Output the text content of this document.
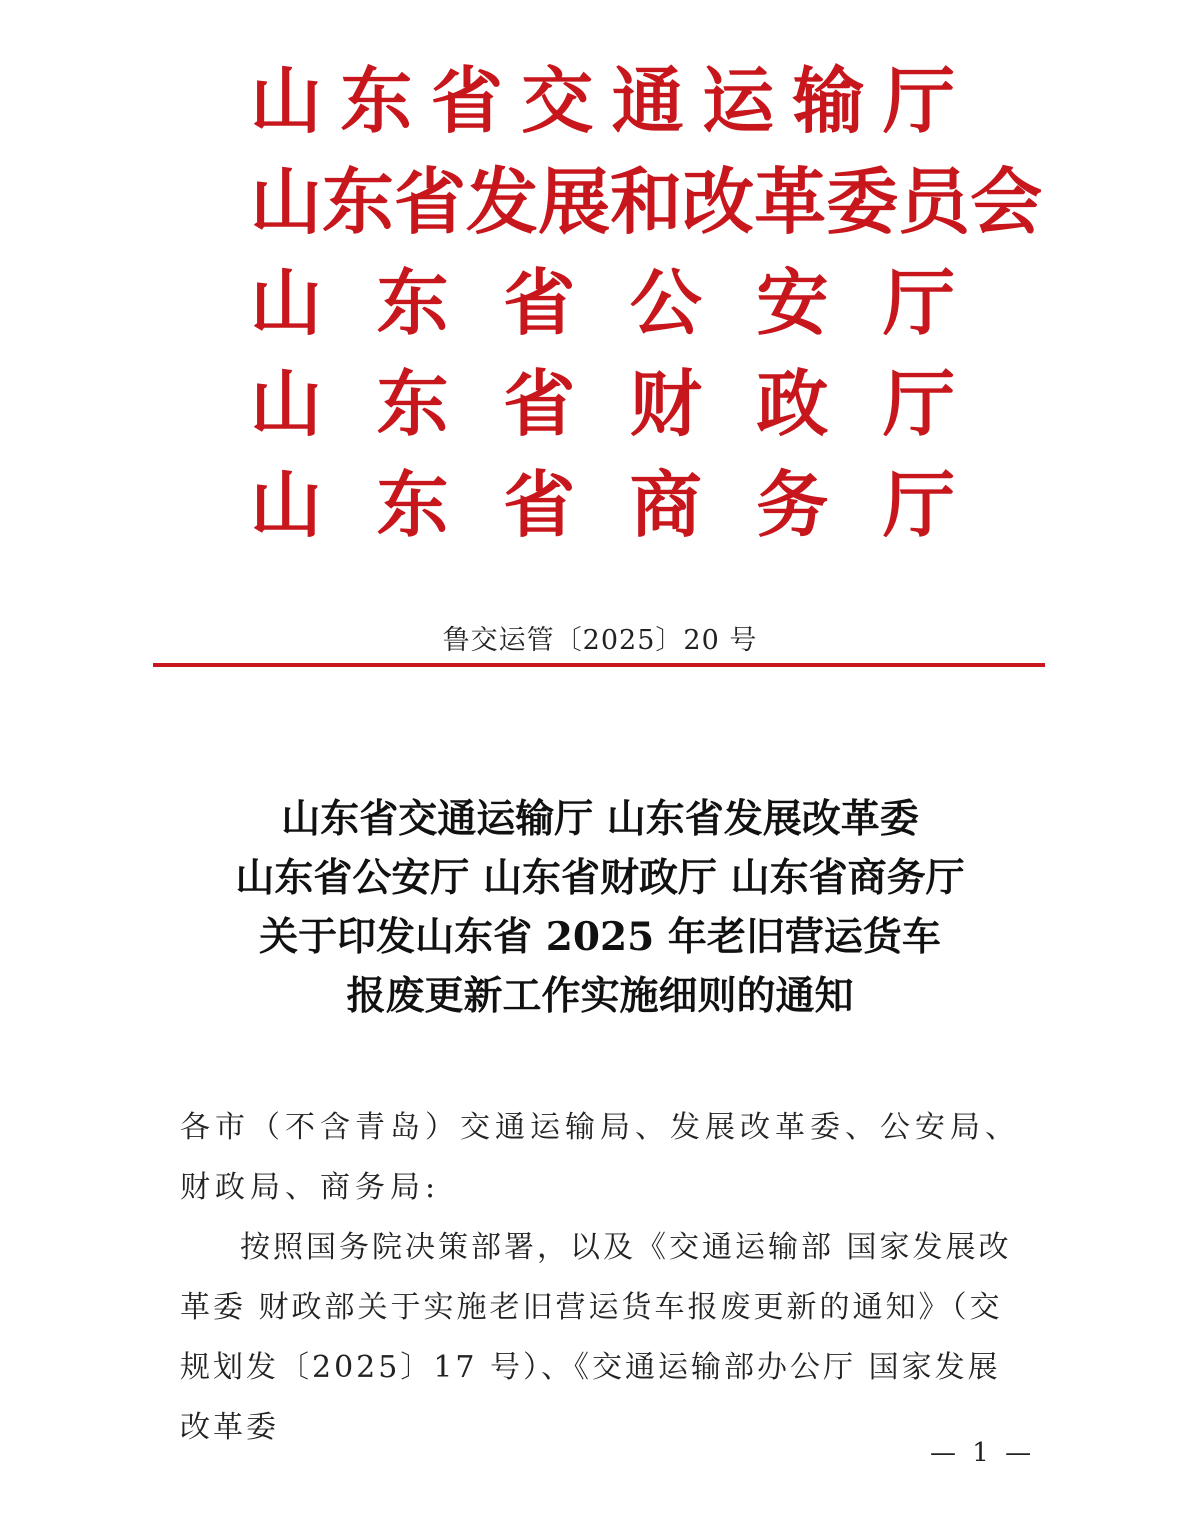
山 东 省 交 通 运 输 厅
山 东 省 发 展 和 改 革 委 员 会
山 东 省 公 安 厅
山 东 省 财 政 厅
山 东 省 商 务 厅
鲁交运管〔2025〕20 号
山东省交通运输厅 山东省发展改革委
山东省公安厅 山东省财政厅 山东省商务厅
关于印发山东省 2025 年老旧营运货车
报废更新工作实施细则的通知

各市（不含青岛）交通运输局、发展改革委、公安局、财政局、商务局:

按照国务院决策部署，以及《交通运输部 国家发展改革委 财政部关于实施老旧营运货车报废更新的通知》（交规划发〔2025〕17 号）、《交通运输部办公厅 国家发展改革委

— 1 —
